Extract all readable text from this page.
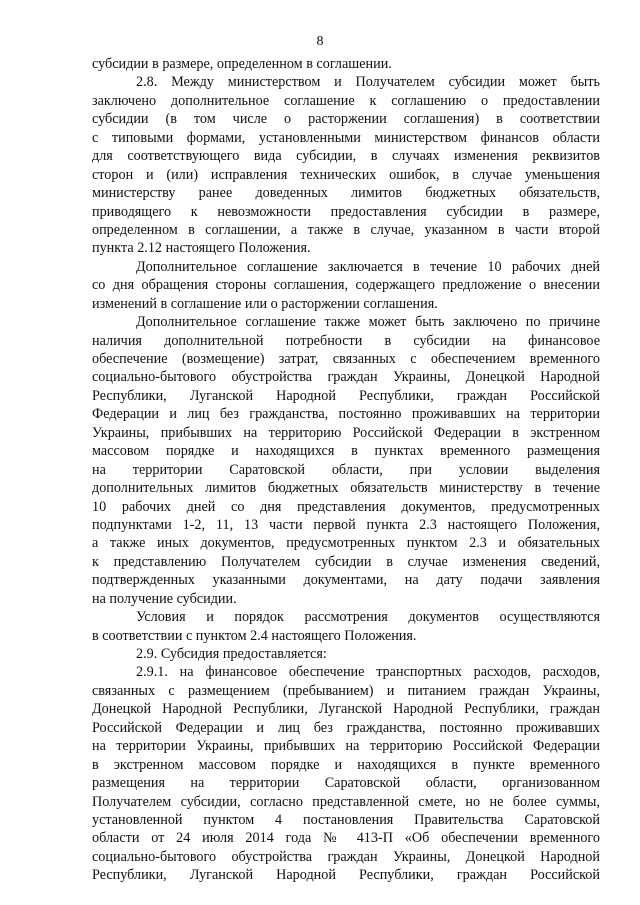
8
субсидии в размере, определенном в соглашении.
2.8. Между министерством и Получателем субсидии может быть
заключено дополнительное соглашение к соглашению о предоставлении
субсидии (в том числе о расторжении соглашения) в соответствии
с типовыми формами, установленными министерством финансов области
для соответствующего вида субсидии, в случаях изменения реквизитов
сторон и (или) исправления технических ошибок, в случае уменьшения
министерству ранее доведенных лимитов бюджетных обязательств,
приводящего к невозможности предоставления субсидии в размере,
определенном в соглашении, а также в случае, указанном в части второй
пункта 2.12 настоящего Положения.
Дополнительное соглашение заключается в течение 10 рабочих дней
со дня обращения стороны соглашения, содержащего предложение о внесении
изменений в соглашение или о расторжении соглашения.
Дополнительное соглашение также может быть заключено по причине
наличия дополнительной потребности в субсидии на финансовое
обеспечение (возмещение) затрат, связанных с обеспечением временного
социально-бытового обустройства граждан Украины, Донецкой Народной
Республики, Луганской Народной Республики, граждан Российской
Федерации и лиц без гражданства, постоянно проживавших на территории
Украины, прибывших на территорию Российской Федерации в экстренном
массовом порядке и находящихся в пунктах временного размещения
на территории Саратовской области, при условии выделения
дополнительных лимитов бюджетных обязательств министерству в течение
10 рабочих дней со дня представления документов, предусмотренных
подпунктами 1-2, 11, 13 части первой пункта 2.3 настоящего Положения,
а также иных документов, предусмотренных пунктом 2.3 и обязательных
к представлению Получателем субсидии в случае изменения сведений,
подтвержденных указанными документами, на дату подачи заявления
на получение субсидии.
Условия и порядок рассмотрения документов осуществляются
в соответствии с пунктом 2.4 настоящего Положения.
2.9. Субсидия предоставляется:
2.9.1. на финансовое обеспечение транспортных расходов, расходов,
связанных с размещением (пребыванием) и питанием граждан Украины,
Донецкой Народной Республики, Луганской Народной Республики, граждан
Российской Федерации и лиц без гражданства, постоянно проживавших
на территории Украины, прибывших на территорию Российской Федерации
в экстренном массовом порядке и находящихся в пункте временного
размещения на территории Саратовской области, организованном
Получателем субсидии, согласно представленной смете, но не более суммы,
установленной пунктом 4 постановления Правительства Саратовской
области от 24 июля 2014 года № 413-П «Об обеспечении временного
социально-бытового обустройства граждан Украины, Донецкой Народной
Республики, Луганской Народной Республики, граждан Российской
